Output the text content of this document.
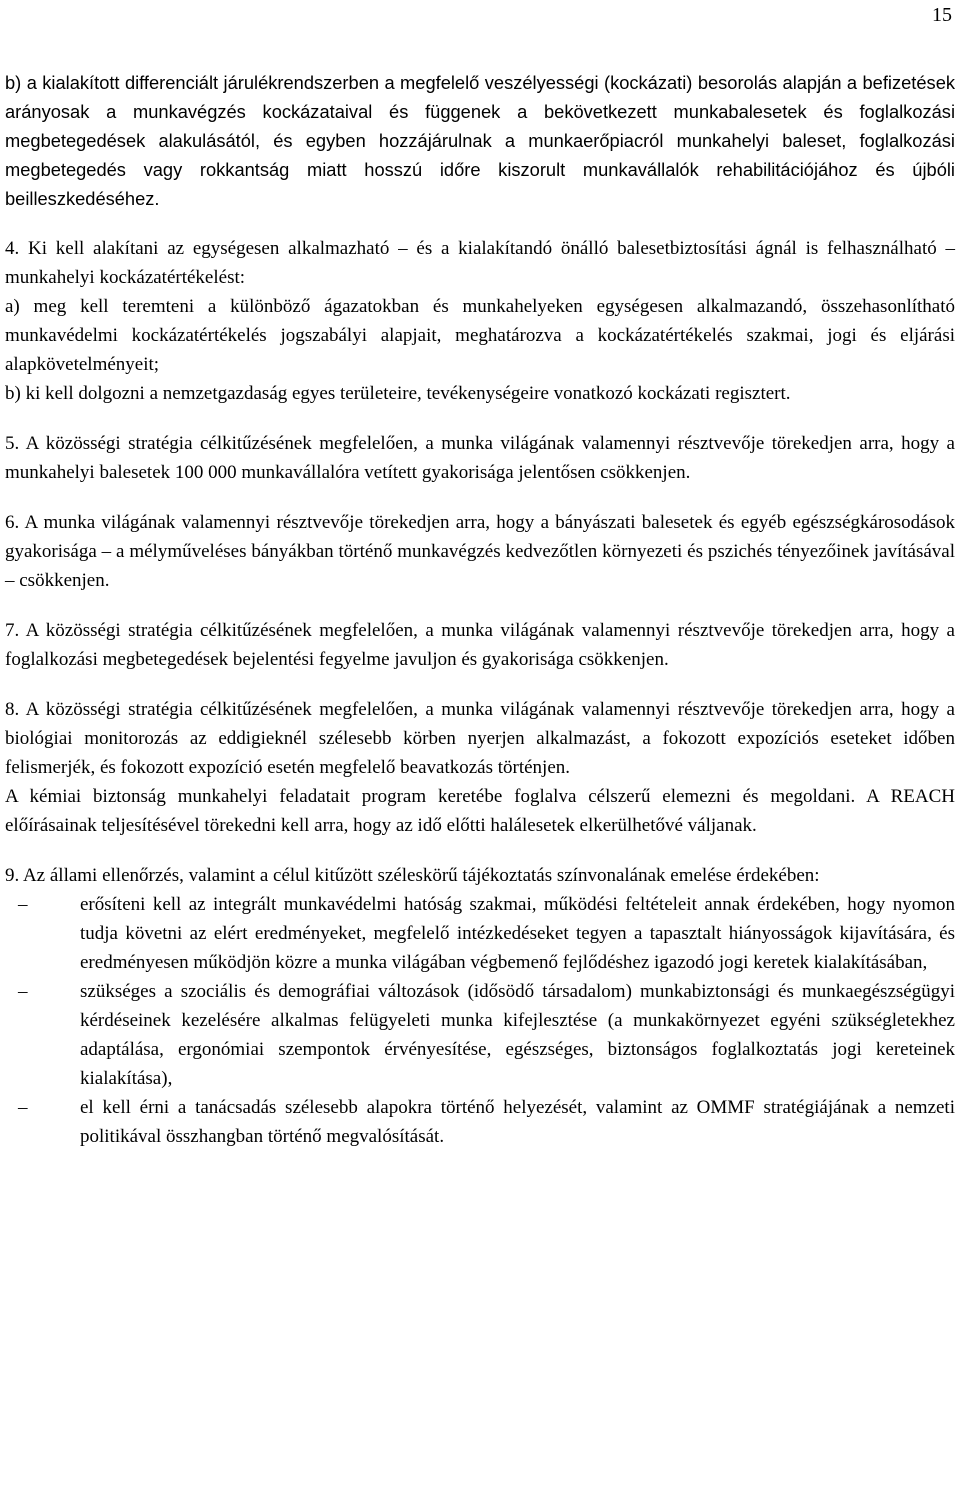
15

b) a kialakított differenciált járulékrendszerben a megfelelő veszélyességi (kockázati) besorolás alapján a befizetések arányosak a munkavégzés kockázataival és függenek a bekövetkezett munkabalesetek és foglalkozási megbetegedések alakulásától, és egyben hozzájárulnak a munkaerőpiacról munkahelyi baleset, foglalkozási megbetegedés vagy rokkantság miatt hosszú időre kiszorult munkavállalók rehabilitációjához és újbóli beilleszkedéséhez.

4. Ki kell alakítani az egységesen alkalmazható – és a kialakítandó önálló balesetbiztosítási ágnál is felhasználható – munkahelyi kockázatértékelést:

a) meg kell teremteni a különböző ágazatokban és munkahelyeken egységesen alkalmazandó, összehasonlítható munkavédelmi kockázatértékelés jogszabályi alapjait, meghatározva a kockázatértékelés szakmai, jogi és eljárási alapkövetelményeit;

b) ki kell dolgozni a nemzetgazdaság egyes területeire, tevékenységeire vonatkozó kockázati regisztert.

5. A közösségi stratégia célkitűzésének megfelelően, a munka világának valamennyi résztvevője törekedjen arra, hogy a munkahelyi balesetek 100 000 munkavállalóra vetített gyakorisága jelentősen csökkenjen.

6. A munka világának valamennyi résztvevője törekedjen arra, hogy a bányászati balesetek és egyéb egészségkárosodások gyakorisága – a mélyműveléses bányákban történő munkavégzés kedvezőtlen környezeti és pszichés tényezőinek javításával – csökkenjen.

7. A közösségi stratégia célkitűzésének megfelelően, a munka világának valamennyi résztvevője törekedjen arra, hogy a foglalkozási megbetegedések bejelentési fegyelme javuljon és gyakorisága csökkenjen.

8. A közösségi stratégia célkitűzésének megfelelően, a munka világának valamennyi résztvevője törekedjen arra, hogy a biológiai monitorozás az eddigieknél szélesebb körben nyerjen alkalmazást, a fokozott expozíciós eseteket időben felismerjék, és fokozott expozíció esetén megfelelő beavatkozás történjen.

A kémiai biztonság munkahelyi feladatait program keretébe foglalva célszerű elemezni és megoldani. A REACH előírásainak teljesítésével törekedni kell arra, hogy az idő előtti halálesetek elkerülhetővé váljanak.

9. Az állami ellenőrzés, valamint a célul kitűzött széleskörű tájékoztatás színvonalának emelése érdekében:

–	erősíteni kell az integrált munkavédelmi hatóság szakmai, működési feltételeit annak érdekében, hogy nyomon tudja követni az elért eredményeket, megfelelő intézkedéseket tegyen a tapasztalt hiányosságok kijavítására, és eredményesen működjön közre a munka világában végbemenő fejlődéshez igazodó jogi keretek kialakításában,
–	szükséges a szociális és demográfiai változások (idősödő társadalom) munkabiztonsági és munkaegészségügyi kérdéseinek kezelésére alkalmas felügyeleti munka kifejlesztése (a munkakörnyezet egyéni szükségletekhez adaptálása, ergonómiai szempontok érvényesítése, egészséges, biztonságos foglalkoztatás jogi kereteinek kialakítása),
–	el kell érni a tanácsadás szélesebb alapokra történő helyezését, valamint az OMMF stratégiájának a nemzeti politikával összhangban történő megvalósítását.
